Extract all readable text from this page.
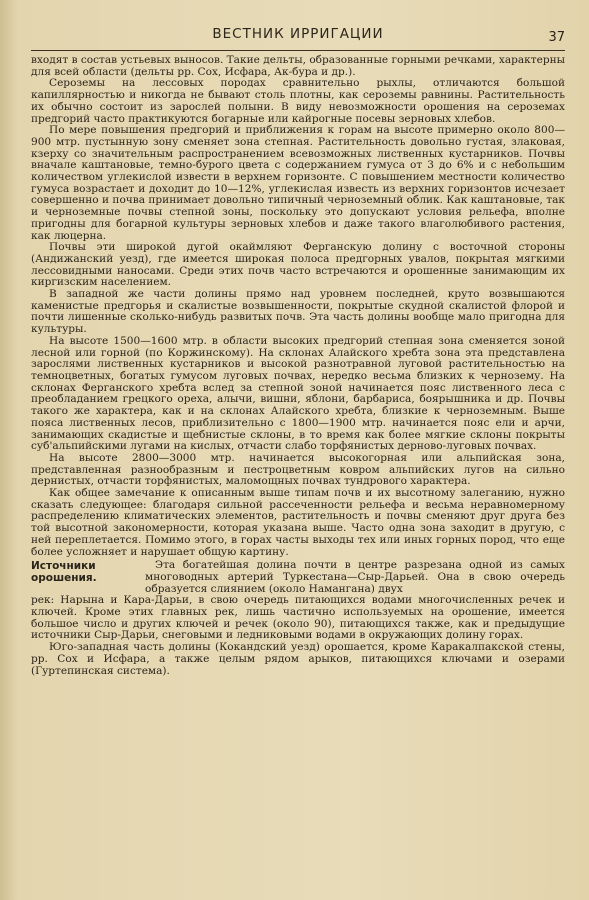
ВЕСТНИК ИРРИГАЦИИ	37

входят в состав устьевых выносов. Такие дельты, образованные горными речками, характерны для всей области (дельты рр. Сох, Исфара, Ак-бура и др.).

Сероземы на лессовых породах сравнительно рыхлы, отличаются большой капиллярностью и никогда не бывают столь плотны, как сероземы равнины. Растительность их обычно состоит из зарослей полыни. В виду невозможности орошения на сероземах предгорий часто практикуются богарные или кайрогные посевы зерновых хлебов.

По мере повышения предгорий и приближения к горам на высоте примерно около 800—900 мтр. пустынную зону сменяет зона степная. Растительность довольно густая, злаковая, кзерху со значительным распространением всевозможных лиственных кустарников. Почвы вначале каштановые, темно-бурого цвета с содержанием гумуса от 3 до 6% и с небольшим количеством углекислой извести в верхнем горизонте. С повышением местности количество гумуса возрастает и доходит до 10—12%, углекислая известь из верхних горизонтов исчезает совершенно и почва принимает довольно типичный черноземный облик. Как каштановые, так и черноземные почвы степной зоны, поскольку это допускают условия рельефа, вполне пригодны для богарной культуры зерновых хлебов и даже такого влаголюбивого растения, как люцерна.

Почвы эти широкой дугой окаймляют Ферганскую долину с восточной стороны (Андижанский уезд), где имеется широкая полоса предгорных увалов, покрытая мягкими лессовидными наносами. Среди этих почв часто встречаются и орошенные занимающим их киргизским населением.

В западной же части долины прямо над уровнем последней, круто возвышаются каменистые предгорья и скалистые возвышенности, покрытые скудной скалистой флорой и почти лишенные сколько-нибудь развитых почв. Эта часть долины вообще мало пригодна для культуры.

На высоте 1500—1600 мтр. в области высоких предгорий степная зона сменяется зоной лесной или горной (по Коржинскому). На склонах Алайского хребта зона эта представлена зарослями лиственных кустарников и высокой разнотравной луговой растительностью на темноцветных, богатых гумусом луговых почвах, нередко весьма близких к чернозему. На склонах Ферганского хребта вслед за степной зоной начинается пояс лиственного леса с преобладанием грецкого ореха, алычи, вишни, яблони, барбариса, боярышника и др. Почвы такого же характера, как и на склонах Алайского хребта, близкие к черноземным. Выше пояса лиственных лесов, приблизительно с 1800—1900 мтр. начинается пояс ели и арчи, занимающих скадистые и щебнистые склоны, в то время как более мягкие склоны покрыты суб'альпийскими лугами на кислых, отчасти слабо торфянистых дерново-луговых почвах.

На высоте 2800—3000 мтр. начинается высокогорная или альпийская зона, представленная разнообразным и пестроцветным ковром альпийских лугов на сильно дернистых, отчасти торфянистых, маломощных почвах тундрового характера.

Как общее замечание к описанным выше типам почв и их высотному залеганию, нужно сказать следующее: благодаря сильной рассеченности рельефа и весьма неравномерному распределению климатических элементов, растительность и почвы сменяют друг друга без той высотной закономерности, которая указана выше. Часто одна зона заходит в другую, с ней переплетается. Помимо этого, в горах часты выходы тех или иных горных пород, что еще более усложняет и нарушает общую картину.

Источники орошения.
Эта богатейшая долина почти в центре разрезана одной из самых многоводных артерий Туркестана—Сыр-Дарьей. Она в свою очередь образуется слиянием (около Намангана) двух

рек: Нарына и Кара-Дарьи, в свою очередь питающихся водами многочисленных речек и ключей. Кроме этих главных рек, лишь частично используемых на орошение, имеется большое число и других ключей и речек (около 90), питающихся также, как и предыдущие источники Сыр-Дарьи, снеговыми и ледниковыми водами в окружающих долину горах.

Юго-западная часть долины (Кокандский уезд) орошается, кроме Каракалпакской стены, рр. Сох и Исфара, а также целым рядом арыков, питающихся ключами и озерами (Гуртепинская система).
